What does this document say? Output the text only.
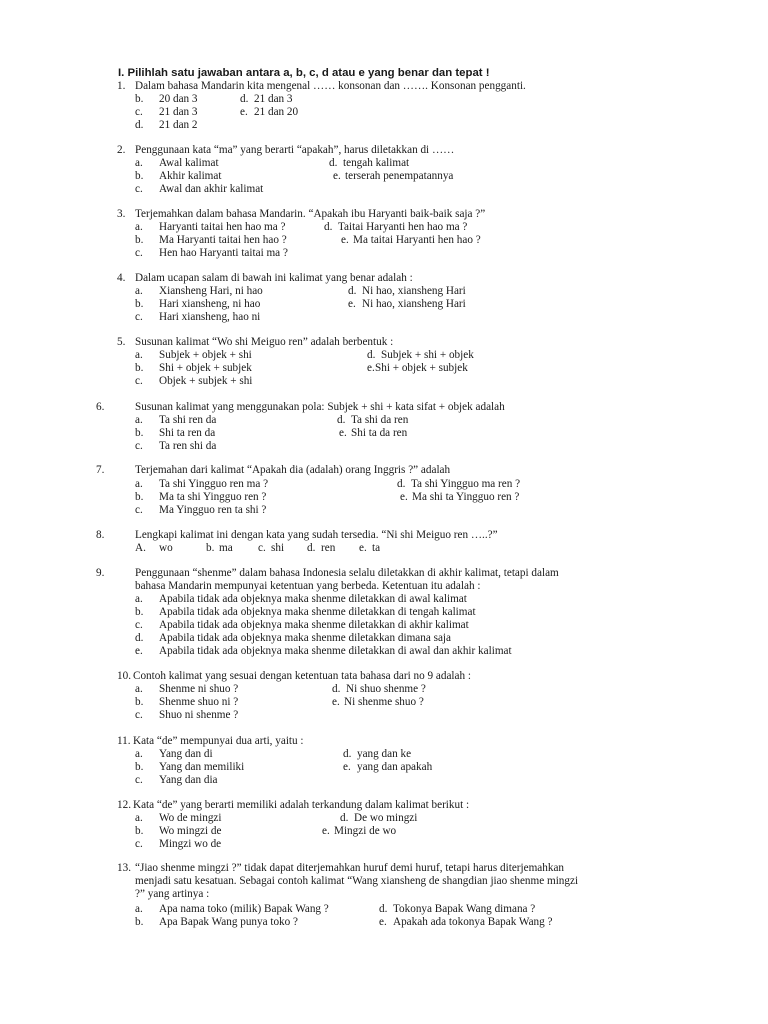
I. Pilihlah satu jawaban antara a, b, c, d atau e yang benar dan tepat !
1. Dalam bahasa Mandarin kita mengenal …… konsonan dan ……. Konsonan pengganti.
b. 20 dan 3	d. 21 dan 3
c. 21 dan 3	e. 21 dan 20
d. 21 dan 2
2. Penggunaan kata “ma” yang berarti “apakah”, harus diletakkan di ……
a. Awal kalimat	d. tengah kalimat
b. Akhir kalimat	e. terserah penempatannya
c. Awal dan akhir kalimat
3. Terjemahkan dalam bahasa Mandarin. “Apakah ibu Haryanti baik-baik saja ?”
a. Haryanti taitai hen hao ma ?	d. Taitai Haryanti hen hao ma ?
b. Ma Haryanti taitai hen hao ?	e. Ma taitai Haryanti hen hao ?
c. Hen hao Haryanti taitai ma ?
4. Dalam ucapan salam di bawah ini kalimat yang benar adalah :
a. Xiansheng Hari, ni hao	d. Ni hao, xiansheng Hari
b. Hari xiansheng, ni hao	e. Ni hao, xiansheng Hari
c. Hari xiansheng, hao ni
5. Susunan kalimat “Wo shi Meiguo ren” adalah berbentuk :
a. Subjek + objek + shi	d. Subjek + shi + objek
b. Shi + objek + subjek	e. Shi + objek + subjek
c. Objek + subjek + shi
6.	Susunan kalimat yang menggunakan pola: Subjek + shi + kata sifat + objek adalah
a. Ta shi ren da	d. Ta shi da ren
b. Shi ta ren da	e. Shi ta da ren
c. Ta ren shi da
7.	Terjemahan dari kalimat “Apakah dia (adalah) orang Inggris ?” adalah
a. Ta shi Yingguo ren ma ?	d. Ta shi Yingguo ma ren ?
b. Ma ta shi Yingguo ren ?	e. Ma shi ta Yingguo ren ?
c. Ma Yingguo ren ta shi ?
8.	Lengkapi kalimat ini dengan kata yang sudah tersedia. “Ni shi Meiguo ren …..?”
A. wo	b. ma c. shi d. ren e. ta
9.	Penggunaan “shenme” dalam bahasa Indonesia selalu diletakkan di akhir kalimat, tetapi dalam
bahasa Mandarin mempunyai ketentuan yang berbeda. Ketentuan itu adalah :
a. Apabila tidak ada objeknya maka shenme diletakkan di awal kalimat
b. Apabila tidak ada objeknya maka shenme diletakkan di tengah kalimat
c. Apabila tidak ada objeknya maka shenme diletakkan di akhir kalimat
d. Apabila tidak ada objeknya maka shenme diletakkan dimana saja
e. Apabila tidak ada objeknya maka shenme diletakkan di awal dan akhir kalimat
10. Contoh kalimat yang sesuai dengan ketentuan tata bahasa dari no 9 adalah :
a. Shenme ni shuo ?	d. Ni shuo shenme ?
b. Shenme shuo ni ?	e. Ni shenme shuo ?
c. Shuo ni shenme ?
11. Kata “de” mempunyai dua arti, yaitu :
a. Yang dan di	d. yang dan ke
b. Yang dan memiliki	e. yang dan apakah
c. Yang dan dia
12. Kata “de” yang berarti memiliki adalah terkandung dalam kalimat berikut :
a. Wo de mingzi	d. De wo mingzi
b. Wo mingzi de	e. Mingzi de wo
c. Mingzi wo de
13. “Jiao shenme mingzi ?” tidak dapat diterjemahkan huruf demi huruf, tetapi harus diterjemahkan
menjadi satu kesatuan. Sebagai contoh kalimat “Wang xiansheng de shangdian jiao shenme mingzi
?” yang artinya :
a. Apa nama toko (milik) Bapak Wang ?	d. Tokonya Bapak Wang dimana ?
b. Apa Bapak Wang punya toko ?	e. Apakah ada tokonya Bapak Wang ?
